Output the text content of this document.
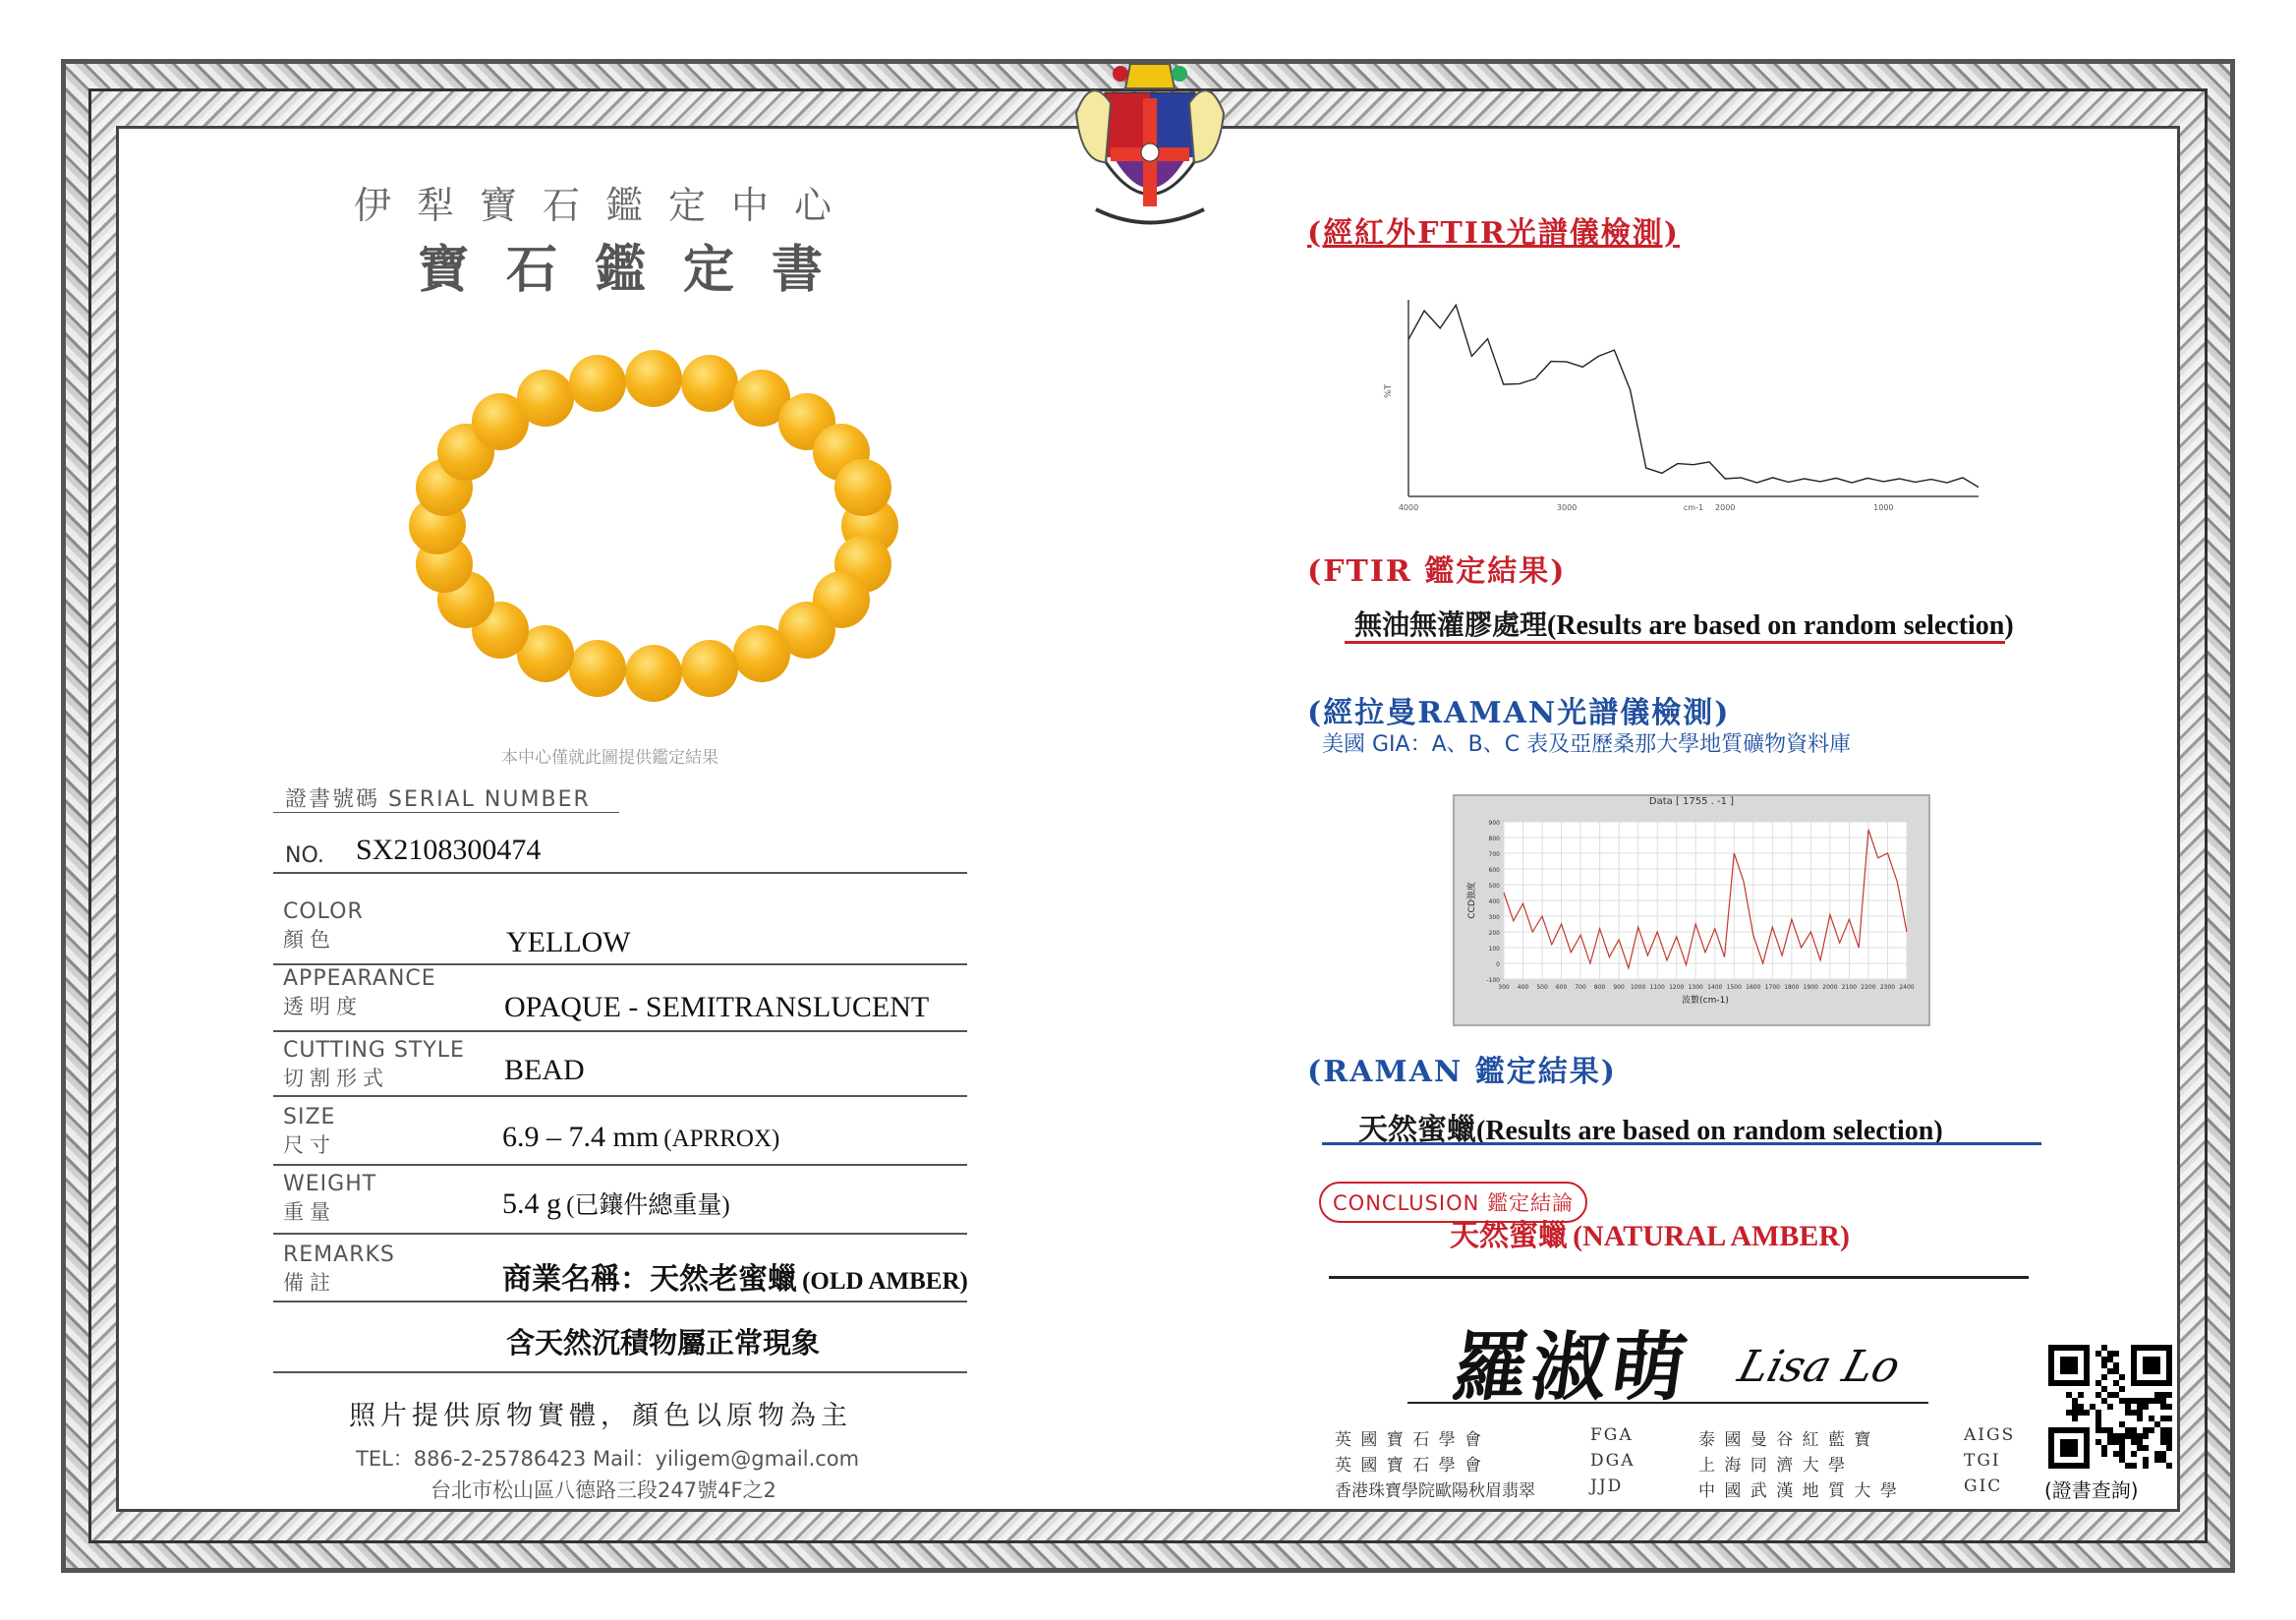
伊犁寶石鑑定中心
寶石鑑定書
本中心僅就此圖提供鑑定結果
證書號碼 SERIAL NUMBER
NO. SX2108300474
COLOR
顏色	YELLOW
APPEARANCE
透明度	OPAQUE - SEMITRANSLUCENT
CUTTING STYLE
切割形式	BEAD
SIZE
尺寸	6.9 – 7.4 mm (APRROX)
WEIGHT
重量	5.4 g (已鑲件總重量)
REMARKS
備註	商業名稱：天然老蜜蠟 (OLD AMBER)
含天然沉積物屬正常現象
照片提供原物實體，顏色以原物為主
TEL：886-2-25786423 Mail：yiligem@gmail.com
台北市松山區八德路三段247號4F之2
(經紅外FTIR光譜儀檢測)
4000	3000	2000	1000
%T
cm-1
(FTIR 鑑定結果)
無油無灌膠處理(Results are based on random selection)
(經拉曼RAMAN光譜儀檢測)
美國 GIA：A、B、C 表及亞歷桑那大學地質礦物資料庫
Data [ 1755 . -1 ]
-100
0
100
200
300
400
500
600
700
800
900
300 400 500 600 700 800 900 1000 1100 1200 1300 1400 1500 1600 1700 1800 1900 2000 2100 2200 2300 2400
波數(cm-1)
CCD強度
(RAMAN 鑑定結果)
天然蜜蠟(Results are based on random selection)
CONCLUSION 鑑定結論
天然蜜蠟 (NATURAL AMBER)
羅淑萌 Lisa Lo
英 國 寶 石 學 會	FGA	泰 國 曼 谷 紅 藍 寶	AIGS
英 國 寶 石 學 會	DGA	上 海 同 濟 大 學	TGI
香港珠寶學院歐陽秋眉翡翠	JJD	中 國 武 漢 地 質 大 學	GIC	(證書查詢)
